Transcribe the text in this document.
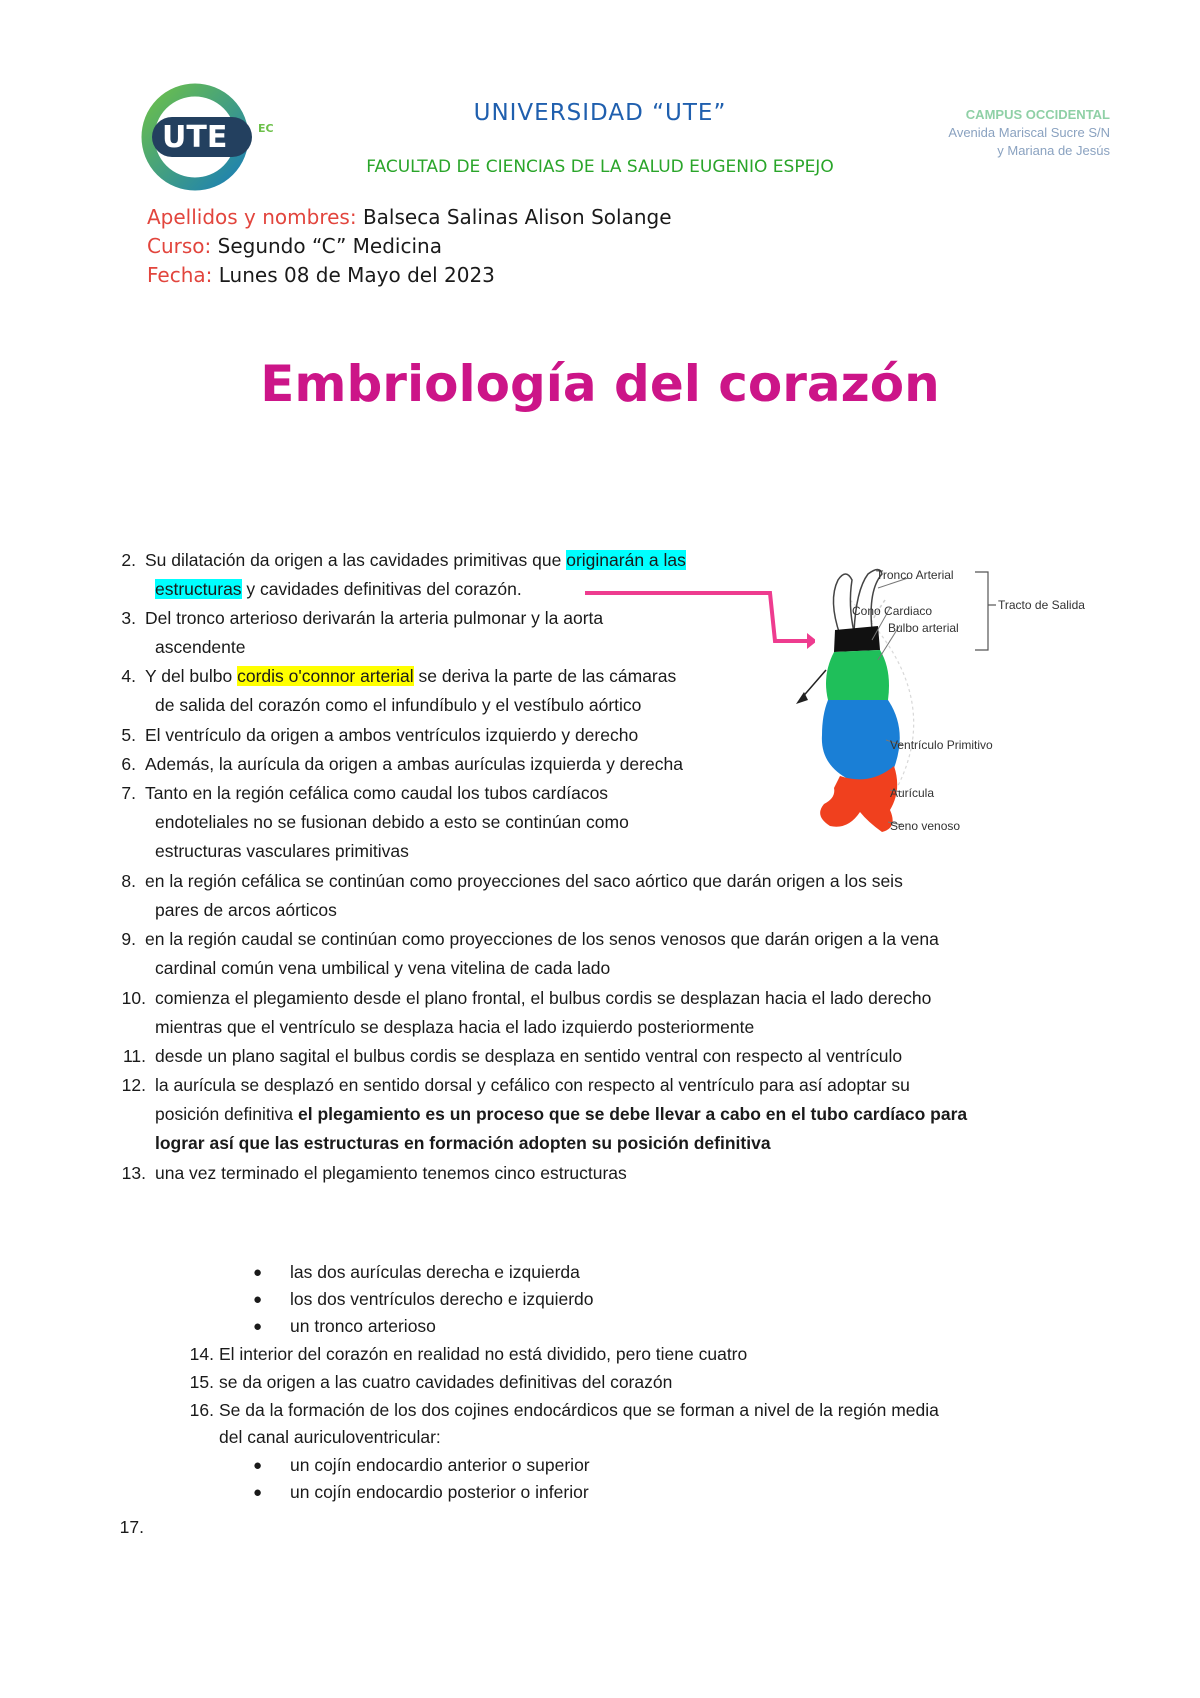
UTE	EC
UNIVERSIDAD “UTE”
FACULTAD DE CIENCIAS DE LA SALUD EUGENIO ESPEJO
CAMPUS OCCIDENTAL
Avenida Mariscal Sucre S/N
y Mariana de Jesús
Apellidos y nombres: Balseca Salinas Alison Solange
Curso: Segundo “C” Medicina
Fecha: Lunes 08 de Mayo del 2023
Embriología del corazón
2. Su dilatación da origen a las cavidades primitivas que originarán a las
estructuras y cavidades definitivas del corazón.
3. Del tronco arterioso derivarán la arteria pulmonar y la aorta
ascendente
4. Y del bulbo cordis o'connor arterial se deriva la parte de las cámaras
de salida del corazón como el infundíbulo y el vestíbulo aórtico
5. El ventrículo da origen a ambos ventrículos izquierdo y derecho
6. Además, la aurícula da origen a ambas aurículas izquierda y derecha
7. Tanto en la región cefálica como caudal los tubos cardíacos
endoteliales no se fusionan debido a esto se continúan como
estructuras vasculares primitivas
8. en la región cefálica se continúan como proyecciones del saco aórtico que darán origen a los seis
pares de arcos aórticos
9. en la región caudal se continúan como proyecciones de los senos venosos que darán origen a la vena
cardinal común vena umbilical y vena vitelina de cada lado
10. comienza el plegamiento desde el plano frontal, el bulbus cordis se desplazan hacia el lado derecho
mientras que el ventrículo se desplaza hacia el lado izquierdo posteriormente
11. desde un plano sagital el bulbus cordis se desplaza en sentido ventral con respecto al ventrículo
12. la aurícula se desplazó en sentido dorsal y cefálico con respecto al ventrículo para así adoptar su
posición definitiva el plegamiento es un proceso que se debe llevar a cabo en el tubo cardíaco para
lograr así que las estructuras en formación adopten su posición definitiva
13. una vez terminado el plegamiento tenemos cinco estructuras
● las dos aurículas derecha e izquierda
● los dos ventrículos derecho e izquierdo
● un tronco arterioso
14. El interior del corazón en realidad no está dividido, pero tiene cuatro
15. se da origen a las cuatro cavidades definitivas del corazón
16. Se da la formación de los dos cojines endocárdicos que se forman a nivel de la región media
del canal auriculoventricular:
● un cojín endocardio anterior o superior
● un cojín endocardio posterior o inferior
17.
Tronco Arterial
Tracto de Salida
Cono Cardiaco
Bulbo arterial
Ventrículo Primitivo
Aurícula
Seno venoso
